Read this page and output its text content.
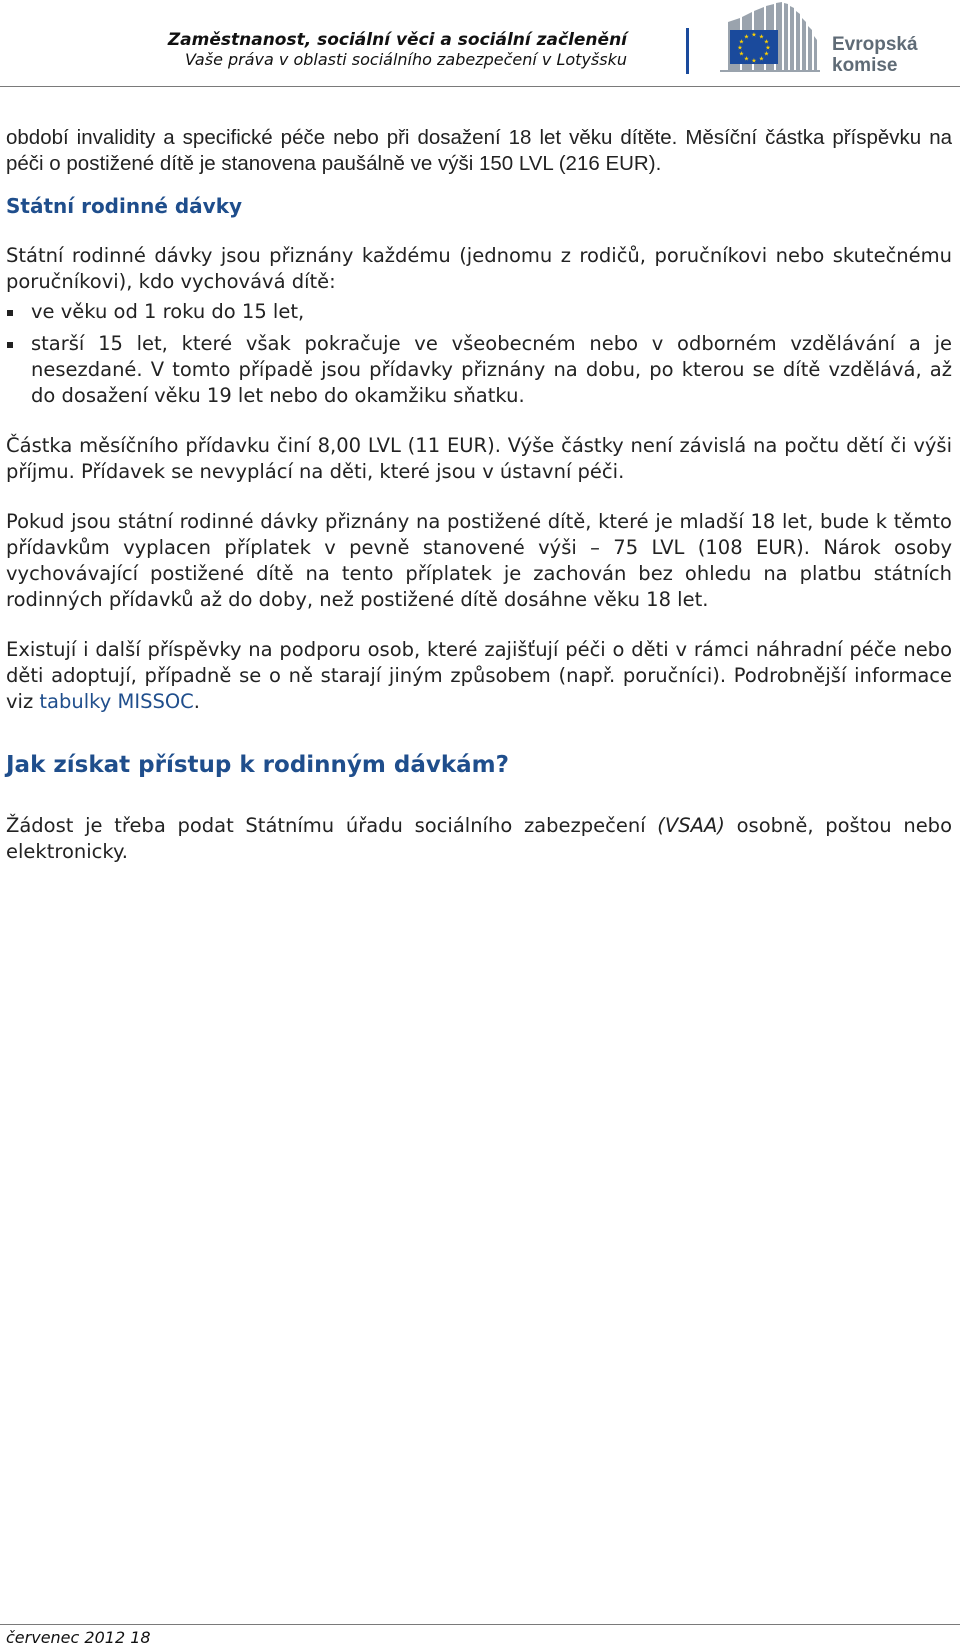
Zaměstnanost, sociální věci a sociální začlenění
Vaše práva v oblasti sociálního zabezpečení v Lotyšsku
★ ★
★
★
★
★
★
★
★
★
★
★	Evropská
komise

období invalidity a specifické péče nebo při dosažení 18 let věku dítěte. Měsíční částka příspěvku na péči o postižené dítě je stanovena paušálně ve výši 150 LVL (216 EUR).

Státní rodinné dávky

Státní rodinné dávky jsou přiznány každému (jednomu z rodičů, poručníkovi nebo skutečnému poručníkovi), kdo vychovává dítě:

ve věku od 1 roku do 15 let,
starší 15 let, které však pokračuje ve všeobecném nebo v odborném vzdělávání a je nesezdané. V tomto případě jsou přídavky přiznány na dobu, po kterou se dítě vzdělává, až do dosažení věku 19 let nebo do okamžiku sňatku.

Částka měsíčního přídavku činí 8,00 LVL (11 EUR). Výše částky není závislá na počtu dětí či výši příjmu. Přídavek se nevyplácí na děti, které jsou v ústavní péči.

Pokud jsou státní rodinné dávky přiznány na postižené dítě, které je mladší 18 let, bude k těmto přídavkům vyplacen příplatek v pevně stanovené výši – 75 LVL (108 EUR). Nárok osoby vychovávající postižené dítě na tento příplatek je zachován bez ohledu na platbu státních rodinných přídavků až do doby, než postižené dítě dosáhne věku 18 let.

Existují i další příspěvky na podporu osob, které zajišťují péči o děti v rámci náhradní péče nebo děti adoptují, případně se o ně starají jiným způsobem (např. poručníci). Podrobnější informace viz tabulky MISSOC.

Jak získat přístup k rodinným dávkám?

Žádost je třeba podat Státnímu úřadu sociálního zabezpečení (VSAA) osobně, poštou nebo elektronicky.

červenec 2012 18
